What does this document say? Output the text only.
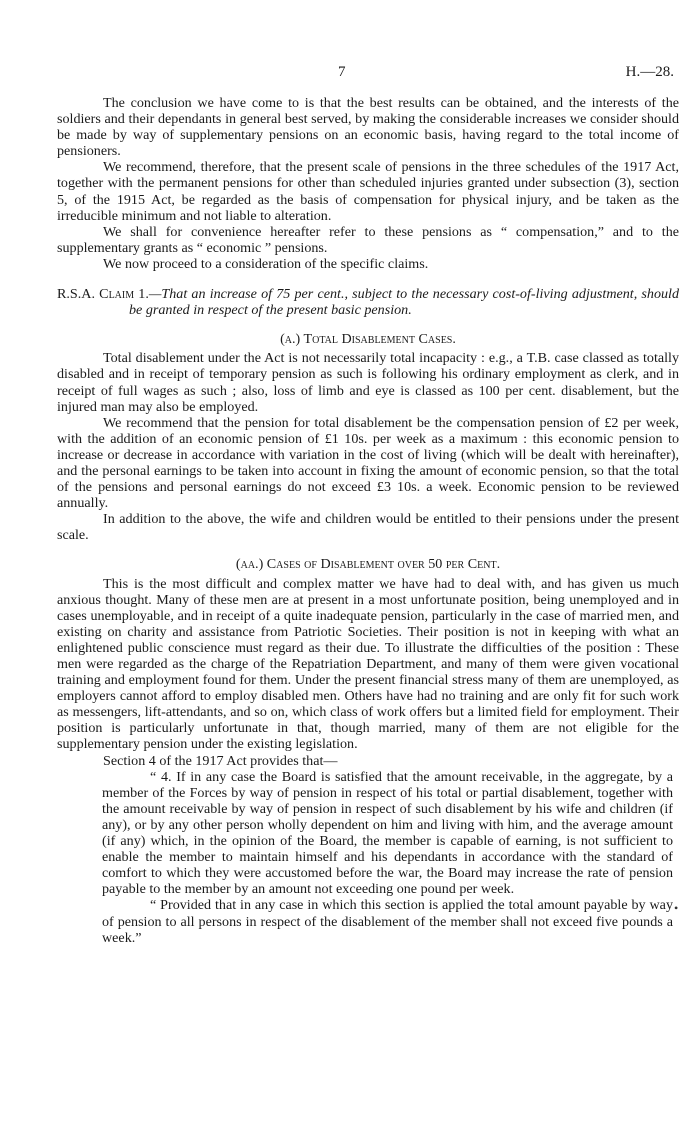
7	H.—28.

The conclusion we have come to is that the best results can be obtained, and the interests of the soldiers and their dependants in general best served, by making the considerable increases we consider should be made by way of supplementary pensions on an economic basis, having regard to the total income of pensioners.

We recommend, therefore, that the present scale of pensions in the three schedules of the 1917 Act, together with the permanent pensions for other than scheduled injuries granted under subsection (3), section 5, of the 1915 Act, be regarded as the basis of compensation for physical injury, and be taken as the irreducible minimum and not liable to alteration.

We shall for convenience hereafter refer to these pensions as “ compensation,” and to the supplementary grants as “ economic ” pensions.

We now proceed to a consideration of the specific claims.

R.S.A. Claim 1.—That an increase of 75 per cent., subject to the necessary cost-of-living adjustment, should be granted in respect of the present basic pension.

(a.) Total Disablement Cases.

Total disablement under the Act is not necessarily total incapacity : e.g., a T.B. case classed as totally disabled and in receipt of temporary pension as such is following his ordinary employment as clerk, and in receipt of full wages as such ; also, loss of limb and eye is classed as 100 per cent. disablement, but the injured man may also be employed.

We recommend that the pension for total disablement be the compensation pension of £2 per week, with the addition of an economic pension of £1 10s. per week as a maximum : this economic pension to increase or decrease in accordance with variation in the cost of living (which will be dealt with hereinafter), and the personal earnings to be taken into account in fixing the amount of economic pension, so that the total of the pensions and personal earnings do not exceed £3 10s. a week. Economic pension to be reviewed annually.

In addition to the above, the wife and children would be entitled to their pensions under the present scale.

(aa.) Cases of Disablement over 50 per Cent.

This is the most difficult and complex matter we have had to deal with, and has given us much anxious thought. Many of these men are at present in a most unfortunate position, being unemployed and in cases unemployable, and in receipt of a quite inadequate pension, particularly in the case of married men, and existing on charity and assistance from Patriotic Societies. Their position is not in keeping with what an enlightened public conscience must regard as their due. To illustrate the difficulties of the position : These men were regarded as the charge of the Repatriation Department, and many of them were given vocational training and employment found for them. Under the present financial stress many of them are unemployed, as employers cannot afford to employ disabled men. Others have had no training and are only fit for such work as messengers, lift-attendants, and so on, which class of work offers but a limited field for employment. Their position is particularly unfortunate in that, though married, many of them are not eligible for the supplementary pension under the existing legislation.

Section 4 of the 1917 Act provides that—

“ 4. If in any case the Board is satisfied that the amount receivable, in the aggregate, by a member of the Forces by way of pension in respect of his total or partial disablement, together with the amount receivable by way of pension in respect of such disablement by his wife and children (if any), or by any other person wholly dependent on him and living with him, and the average amount (if any) which, in the opinion of the Board, the member is capable of earning, is not sufficient to enable the member to maintain himself and his dependants in accordance with the standard of comfort to which they were accustomed before the war, the Board may increase the rate of pension payable to the member by an amount not exceeding one pound per week.

“ Provided that in any case in which this section is applied the total amount payable by way of pension to all persons in respect of the disablement of the member shall not exceed five pounds a week.”

•
